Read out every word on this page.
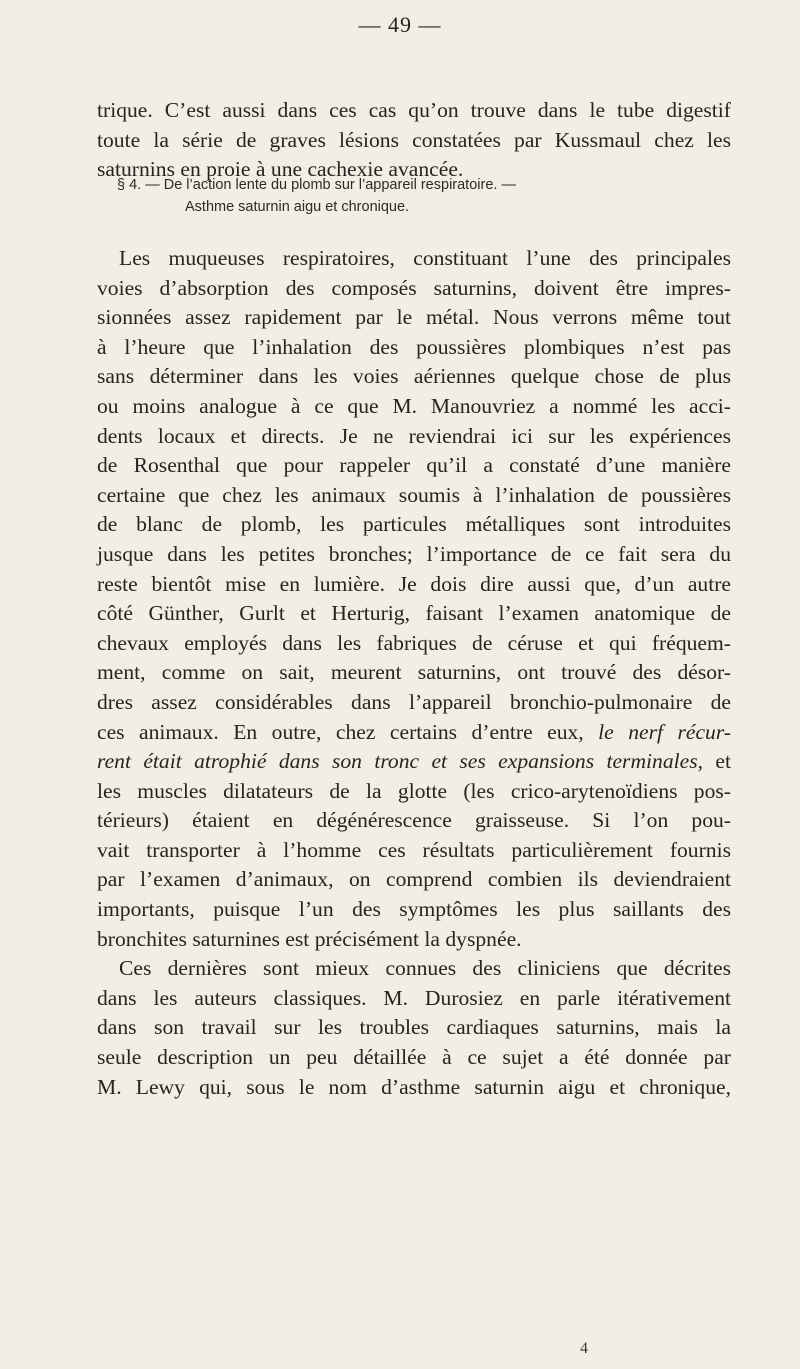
— 49 —
trique. C’est aussi dans ces cas qu’on trouve dans le tube digestif
toute la série de graves lésions constatées par Kussmaul chez les
saturnins en proie à une cachexie avancée.
§ 4. — De l’action lente du plomb sur l’appareil respiratoire. —
Asthme saturnin aigu et chronique.
Les muqueuses respiratoires, constituant l’une des principales
voies d’absorption des composés saturnins, doivent être impres-
sionnées assez rapidement par le métal. Nous verrons même tout
à l’heure que l’inhalation des poussières plombiques n’est pas
sans déterminer dans les voies aériennes quelque chose de plus
ou moins analogue à ce que M. Manouvriez a nommé les acci-
dents locaux et directs. Je ne reviendrai ici sur les expériences
de Rosenthal que pour rappeler qu’il a constaté d’une manière
certaine que chez les animaux soumis à l’inhalation de poussières
de blanc de plomb, les particules métalliques sont introduites
jusque dans les petites bronches; l’importance de ce fait sera du
reste bientôt mise en lumière. Je dois dire aussi que, d’un autre
côté Günther, Gurlt et Herturig, faisant l’examen anatomique de
chevaux employés dans les fabriques de céruse et qui fréquem-
ment, comme on sait, meurent saturnins, ont trouvé des désor-
dres assez considérables dans l’appareil bronchio-pulmonaire de
ces animaux. En outre, chez certains d’entre eux, le nerf récur-
rent était atrophié dans son tronc et ses expansions terminales, et
les muscles dilatateurs de la glotte (les crico-arytenoïdiens pos-
térieurs) étaient en dégénérescence graisseuse. Si l’on pou-
vait transporter à l’homme ces résultats particulièrement fournis
par l’examen d’animaux, on comprend combien ils deviendraient
importants, puisque l’un des symptômes les plus saillants des
bronchites saturnines est précisément la dyspnée.
Ces dernières sont mieux connues des cliniciens que décrites
dans les auteurs classiques. M. Durosiez en parle itérativement
dans son travail sur les troubles cardiaques saturnins, mais la
seule description un peu détaillée à ce sujet a été donnée par
M. Lewy qui, sous le nom d’asthme saturnin aigu et chronique,
4
